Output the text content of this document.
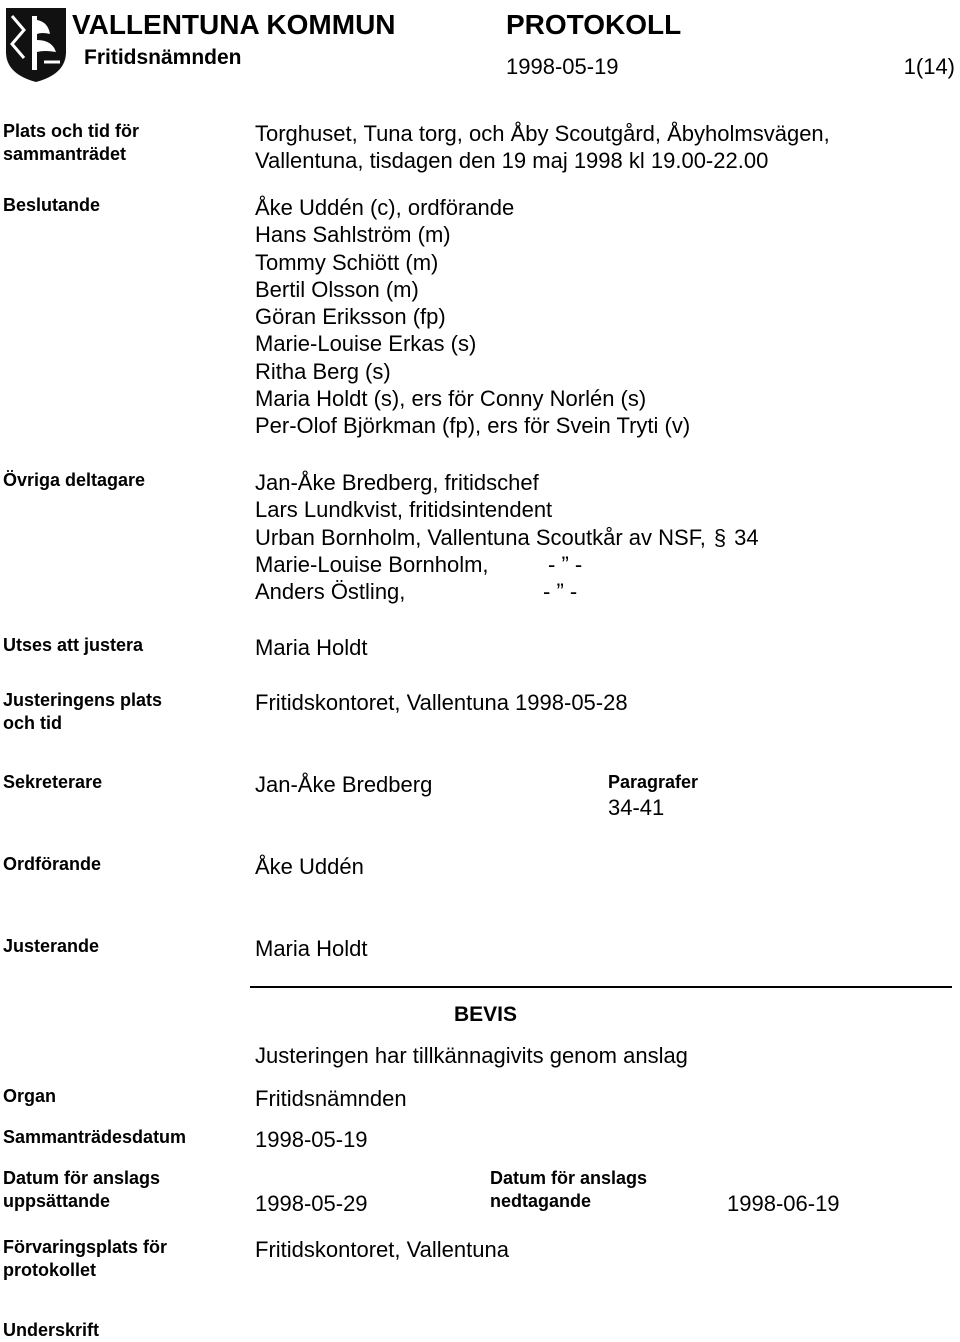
VALLENTUNA KOMMUN
Fritidsnämnden
PROTOKOLL
1998-05-19	1(14)
Plats och tid för
sammanträdet
Torghuset, Tuna torg, och Åby Scoutgård, Åbyholmsvägen,
Vallentuna, tisdagen den 19 maj 1998 kl 19.00-22.00
Beslutande	Åke Uddén (c), ordförande
Hans Sahlström (m)
Tommy Schiött (m)
Bertil Olsson (m)
Göran Eriksson (fp)
Marie-Louise Erkas (s)
Ritha Berg (s)
Maria Holdt (s), ers för Conny Norlén (s)
Per-Olof Björkman (fp), ers för Svein Tryti (v)
Övriga deltagare	Jan-Åke Bredberg, fritidschef
Lars Lundkvist, fritidsintendent
Urban Bornholm, Vallentuna Scoutkår av NSF, § 34
Marie-Louise Bornholm,	- ” -
Anders Östling,	- ” -
Utses att justera	Maria Holdt
Justeringens plats
och tid
Fritidskontoret, Vallentuna 1998-05-28
Sekreterare	Jan-Åke Bredberg	Paragrafer
34-41
Ordförande	Åke Uddén
Justerande	Maria Holdt
BEVIS
Justeringen har tillkännagivits genom anslag
Organ	Fritidsnämnden
Sammanträdesdatum	1998-05-19
Datum för anslags
uppsättande	1998-05-29
Datum för anslags
nedtagande	1998-06-19
Förvaringsplats för
protokollet
Fritidskontoret, Vallentuna
Underskrift
